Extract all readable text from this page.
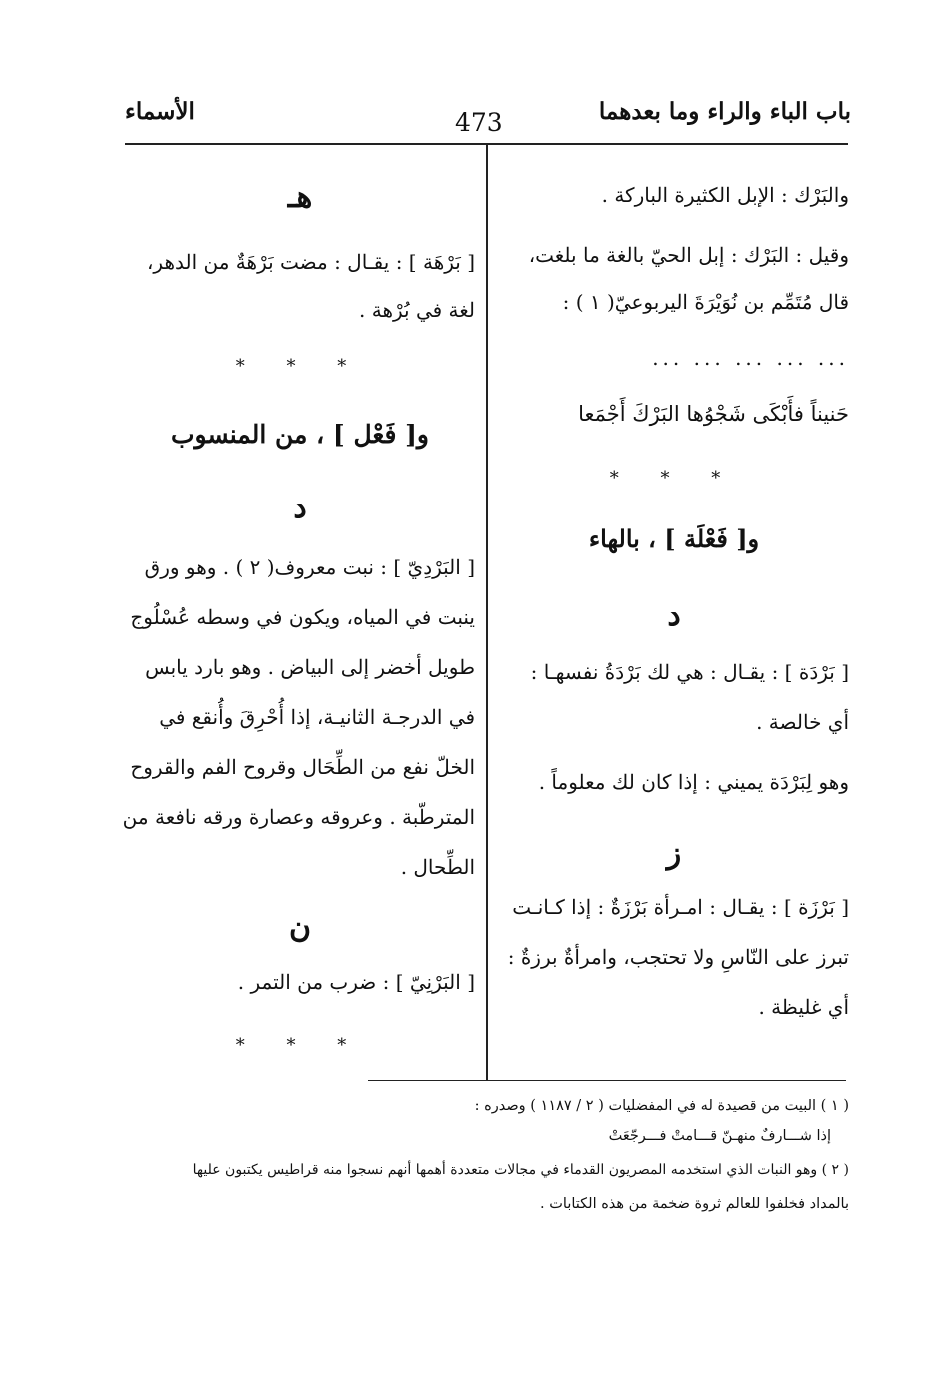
باب الباء والراء وما بعدهما
473
الأسماء
والبَرْك : الإبل الكثيرة الباركة .
وقيل : البَرْك : إبل الحيّ بالغة ما بلغت،
قال مُتَمِّم بن نُوَيْرَةَ اليربوعيّ( ١ ) :
... ... ... ... ...
حَنيناً فأَبْكَى شَجْوُها البَرْكَ أَجْمَعا
* * *
و[ فَعْلَة ] ، بالهاء
د
[ بَرْدَة ] : يقـال : هي لك بَرْدَةُ نفسهـا :
أي خالصة .
وهو لِبَرْدَة يميني : إذا كان لك معلوماً .
ز
[ بَرْزَة ] : يقـال : امـرأة بَرْزَةٌ : إذا كـانـت
تبرز على النّاسِ ولا تحتجب، وامرأةٌ برزةٌ :
أي غليظة .
هـ
[ بَرْهَة ] : يقـال : مضت بَرْهَةٌ من الدهر،
لغة في بُرْهة .
* * *
و[ فَعْل ] ، من المنسوب
د
[ البَرْدِيّ ] : نبت معروف( ٢ ) . وهو ورق
ينبت في المياه، ويكون في وسطه عُسْلُوج
طويل أخضر إلى البياض . وهو بارد يابس
في الدرجـة الثانيـة، إذا أُحْرِقَ وأُنقع في
الخلّ نفع من الطِّحَال وقروح الفم والقروح
المترطّبة . وعروقه وعصارة ورقه نافعة من
الطِّحال .
ن
[ البَرْنِيّ ] : ضرب من التمر .
* * *
( ١ ) البيت من قصيدة له في المفضليات ( ٢ / ١١٨٧ ) وصدره :
إذا شـــارفٌ منهـنّ قـــامتْ فـــرجّعَتْ
( ٢ ) وهو النبات الذي استخدمه المصريون القدماء في مجالات متعددة أهمها أنهم نسجوا منه قراطيس يكتبون عليها
بالمداد فخلفوا للعالم ثروة ضخمة من هذه الكتابات .
